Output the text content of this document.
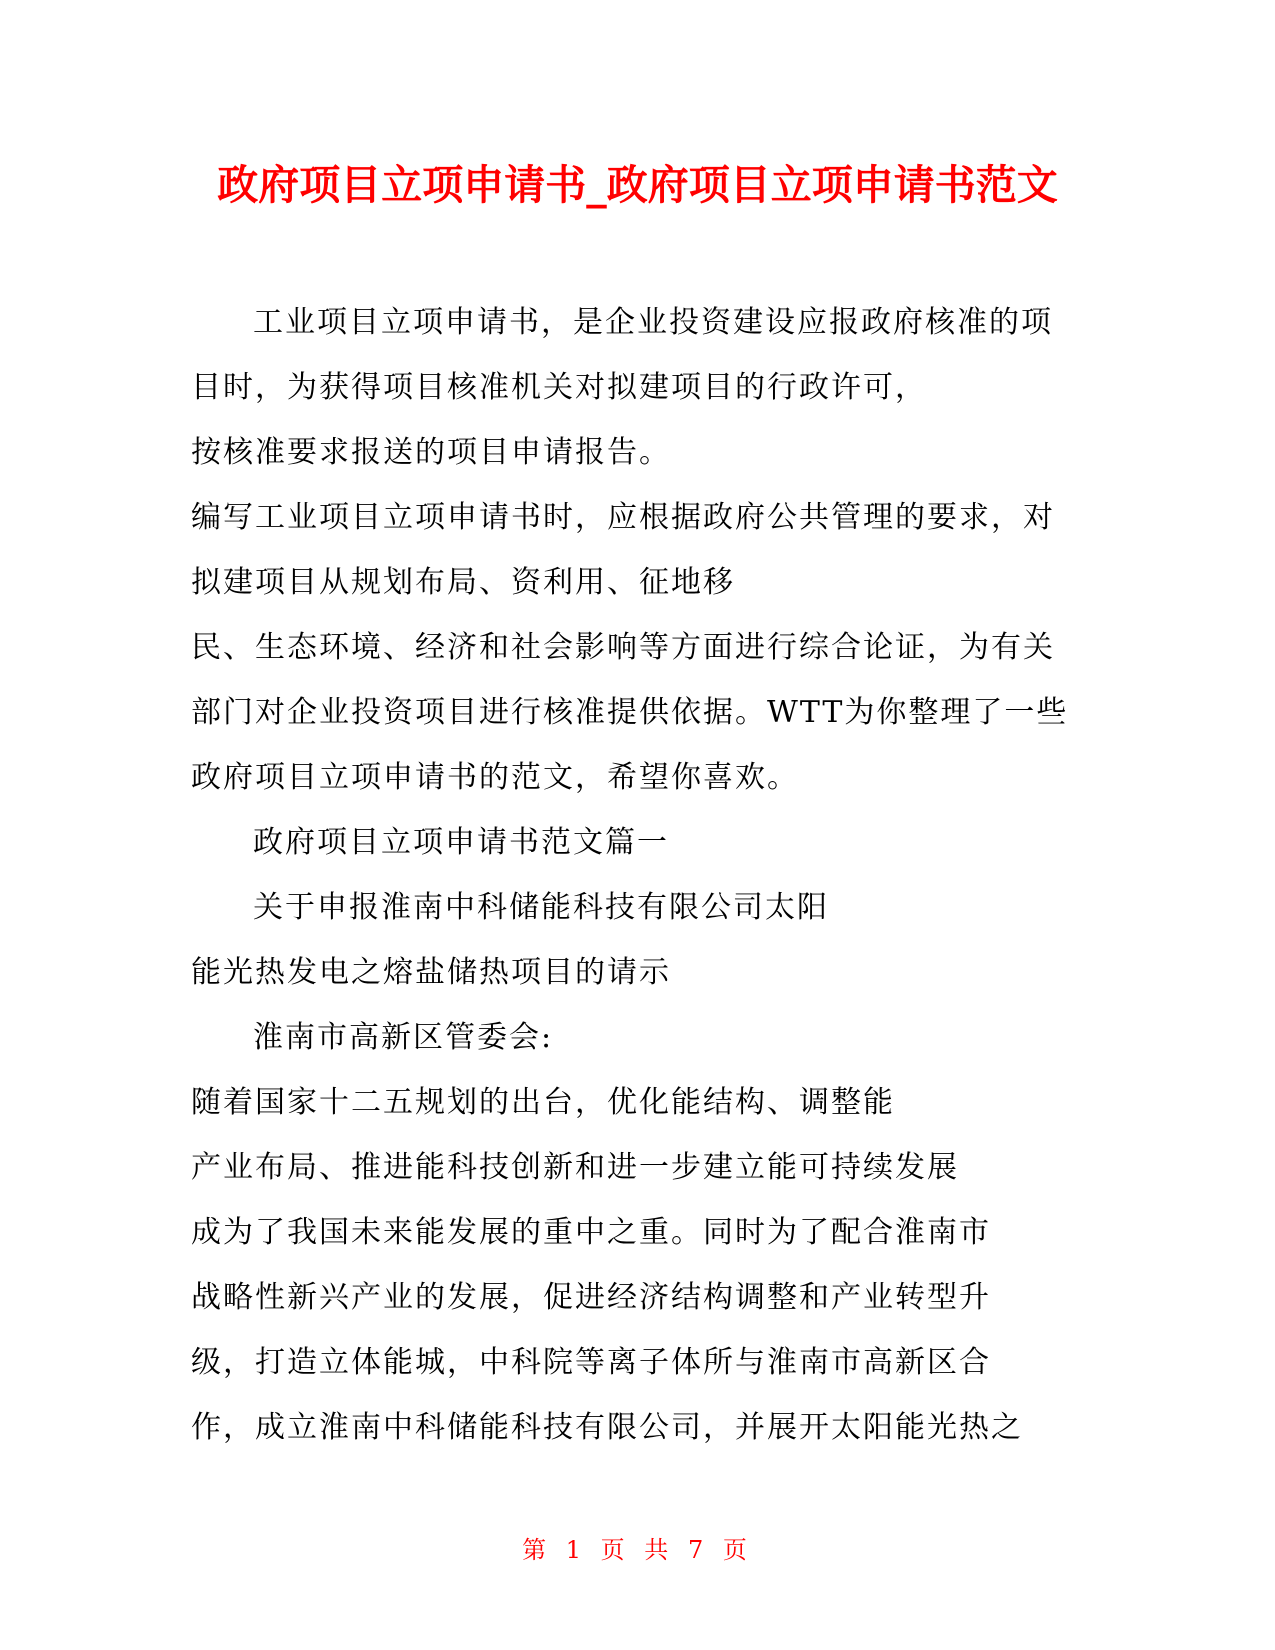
政府项目立项申请书_政府项目立项申请书范文
工业项目立项申请书，是企业投资建设应报政府核准的项
目时，为获得项目核准机关对拟建项目的行政许可，
按核准要求报送的项目申请报告。
编写工业项目立项申请书时，应根据政府公共管理的要求，对
拟建项目从规划布局、资利用、征地移
民、生态环境、经济和社会影响等方面进行综合论证，为有关
部门对企业投资项目进行核准提供依据。WTT为你整理了一些
政府项目立项申请书的范文，希望你喜欢。
政府项目立项申请书范文篇一
关于申报淮南中科储能科技有限公司太阳
能光热发电之熔盐储热项目的请示
淮南市高新区管委会:
随着国家十二五规划的出台，优化能结构、调整能
产业布局、推进能科技创新和进一步建立能可持续发展
成为了我国未来能发展的重中之重。同时为了配合淮南市
战略性新兴产业的发展，促进经济结构调整和产业转型升
级，打造立体能城，中科院等离子体所与淮南市高新区合
作，成立淮南中科储能科技有限公司，并展开太阳能光热之
第 1 页 共 7 页
